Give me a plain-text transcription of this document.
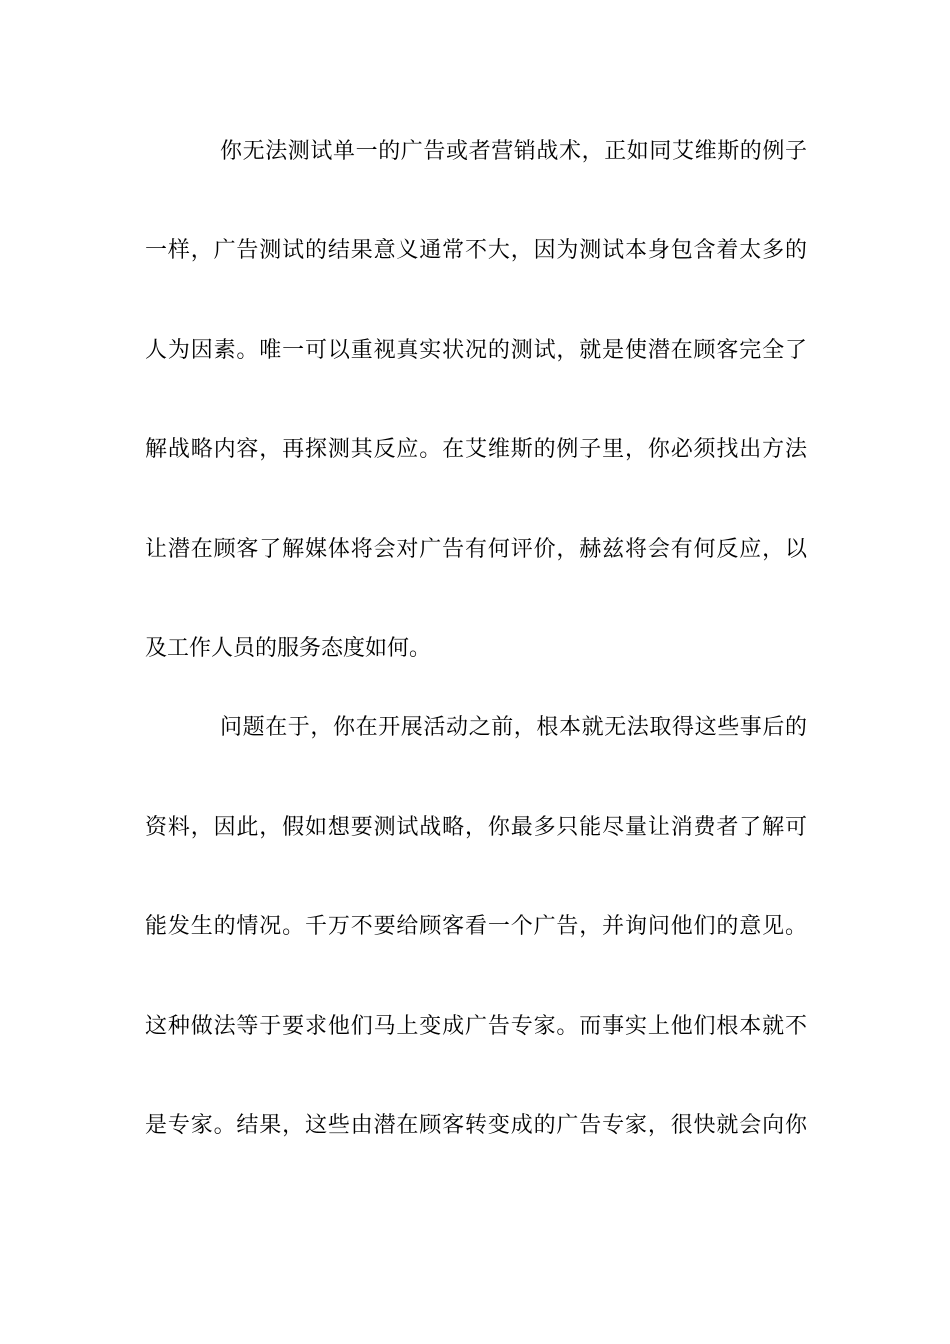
你无法测试单一的广告或者营销战术，正如同艾维斯的例子
一样，广告测试的结果意义通常不大，因为测试本身包含着太多的
人为因素。唯一可以重视真实状况的测试，就是使潜在顾客完全了
解战略内容，再探测其反应。在艾维斯的例子里，你必须找出方法
让潜在顾客了解媒体将会对广告有何评价，赫兹将会有何反应，以
及工作人员的服务态度如何。
问题在于，你在开展活动之前，根本就无法取得这些事后的
资料，因此，假如想要测试战略，你最多只能尽量让消费者了解可
能发生的情况。千万不要给顾客看一个广告，并询问他们的意见。
这种做法等于要求他们马上变成广告专家。而事实上他们根本就不
是专家。结果，这些由潜在顾客转变成的广告专家，很快就会向你
